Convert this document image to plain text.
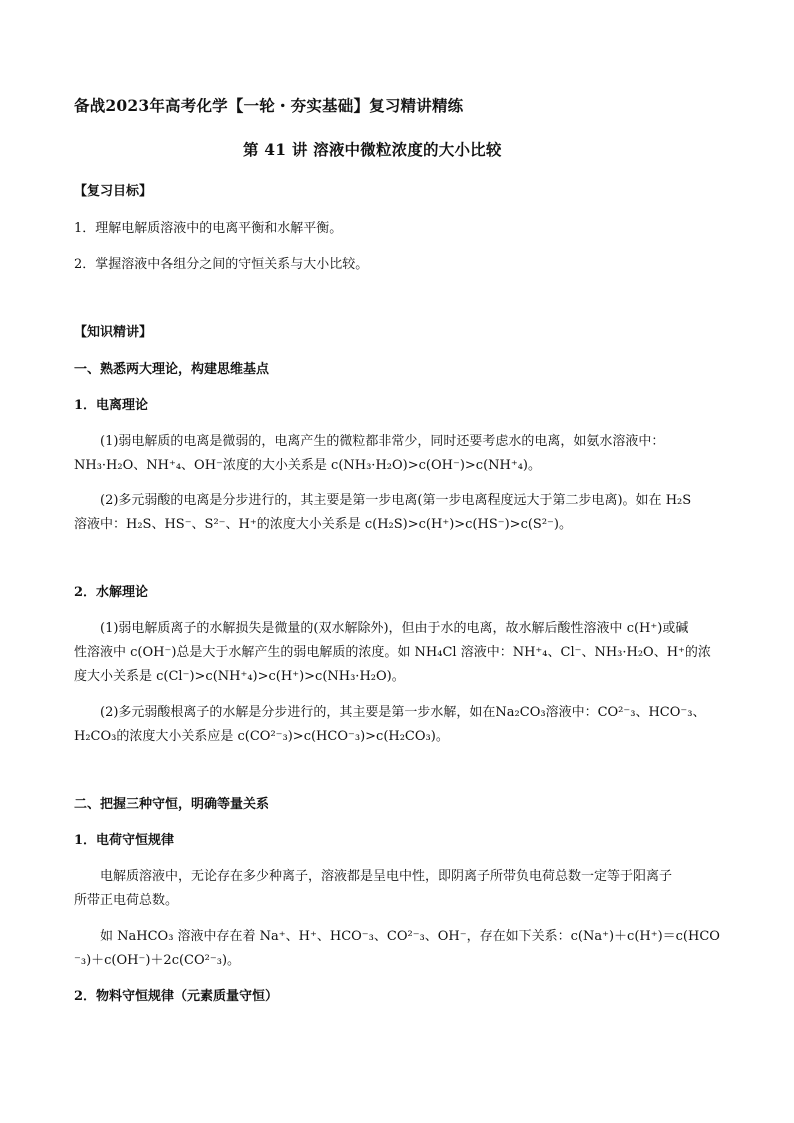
备战2023年高考化学【一轮・夯实基础】复习精讲精练
第 41 讲 溶液中微粒浓度的大小比较
【复习目标】
1．理解电解质溶液中的电离平衡和水解平衡。
2．掌握溶液中各组分之间的守恒关系与大小比较。
【知识精讲】
一、熟悉两大理论，构建思维基点
1．电离理论
(1)弱电解质的电离是微弱的，电离产生的微粒都非常少，同时还要考虑水的电离，如氨水溶液中：
NH₃·H₂O、NH⁺₄、OH⁻浓度的大小关系是 c(NH₃·H₂O)>c(OH⁻)>c(NH⁺₄)。
(2)多元弱酸的电离是分步进行的，其主要是第一步电离(第一步电离程度远大于第二步电离)。如在 H₂S
溶液中：H₂S、HS⁻、S²⁻、H⁺的浓度大小关系是 c(H₂S)>c(H⁺)>c(HS⁻)>c(S²⁻)。
2．水解理论
(1)弱电解质离子的水解损失是微量的(双水解除外)，但由于水的电离，故水解后酸性溶液中 c(H⁺)或碱
性溶液中 c(OH⁻)总是大于水解产生的弱电解质的浓度。如 NH₄Cl 溶液中：NH⁺₄、Cl⁻、NH₃·H₂O、H⁺的浓
度大小关系是 c(Cl⁻)>c(NH⁺₄)>c(H⁺)>c(NH₃·H₂O)。
(2)多元弱酸根离子的水解是分步进行的，其主要是第一步水解，如在Na₂CO₃溶液中：CO²⁻₃、HCO⁻₃、
H₂CO₃的浓度大小关系应是 c(CO²⁻₃)>c(HCO⁻₃)>c(H₂CO₃)。
二、把握三种守恒，明确等量关系
1．电荷守恒规律
电解质溶液中，无论存在多少种离子，溶液都是呈电中性，即阴离子所带负电荷总数一定等于阳离子
所带正电荷总数。
如 NaHCO₃ 溶液中存在着 Na⁺、H⁺、HCO⁻₃、CO²⁻₃、OH⁻，存在如下关系：c(Na⁺)＋c(H⁺)＝c(HCO
⁻₃)＋c(OH⁻)＋2c(CO²⁻₃)。
2．物料守恒规律（元素质量守恒）
